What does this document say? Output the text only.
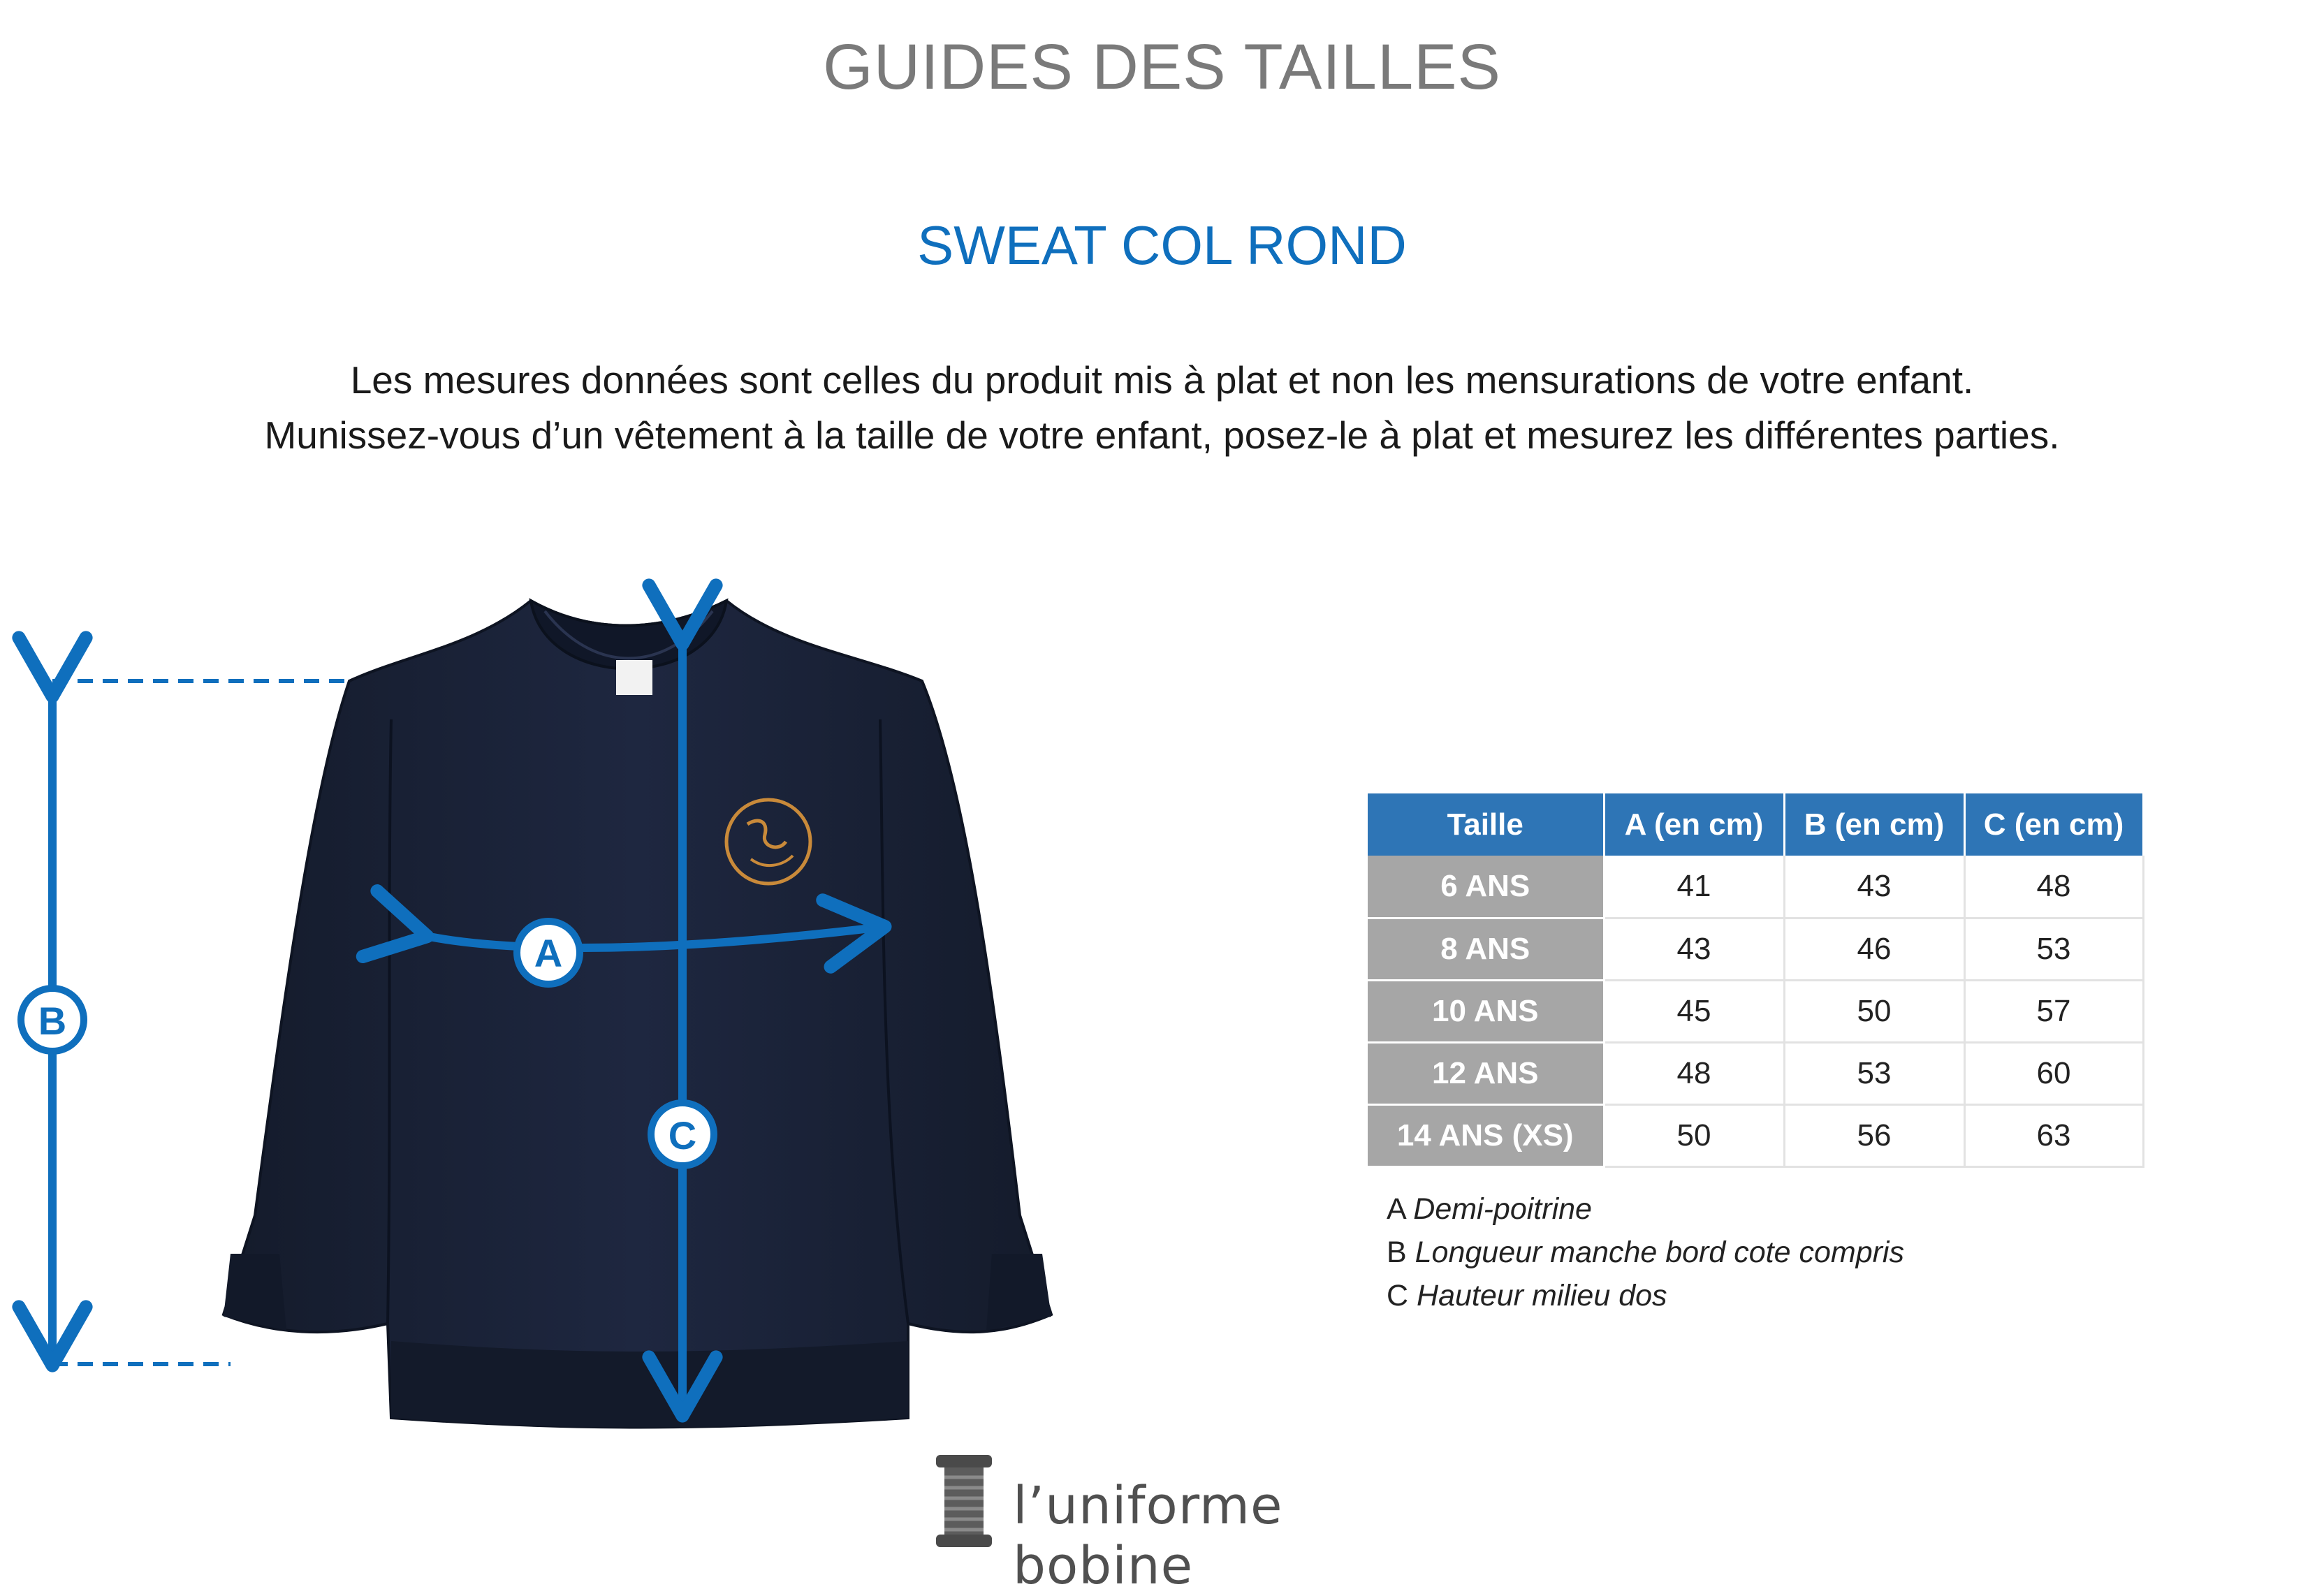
GUIDES DES TAILLES
SWEAT COL ROND
Les mesures données sont celles du produit mis à plat et non les mensurations de votre enfant.
Munissez-vous d’un vêtement à la taille de votre enfant, posez-le à plat et mesurez les différentes parties.
A
C
B
Taille	A (en cm)	B (en cm)	C (en cm)
6 ANS	41	43	48
8 ANS	43	46	53
10 ANS	45	50	57
12 ANS	48	53	60
14 ANS (XS)	50	56	63
A Demi-poitrine
B Longueur manche bord cote compris
C Hauteur milieu dos
l’uniforme bobine
